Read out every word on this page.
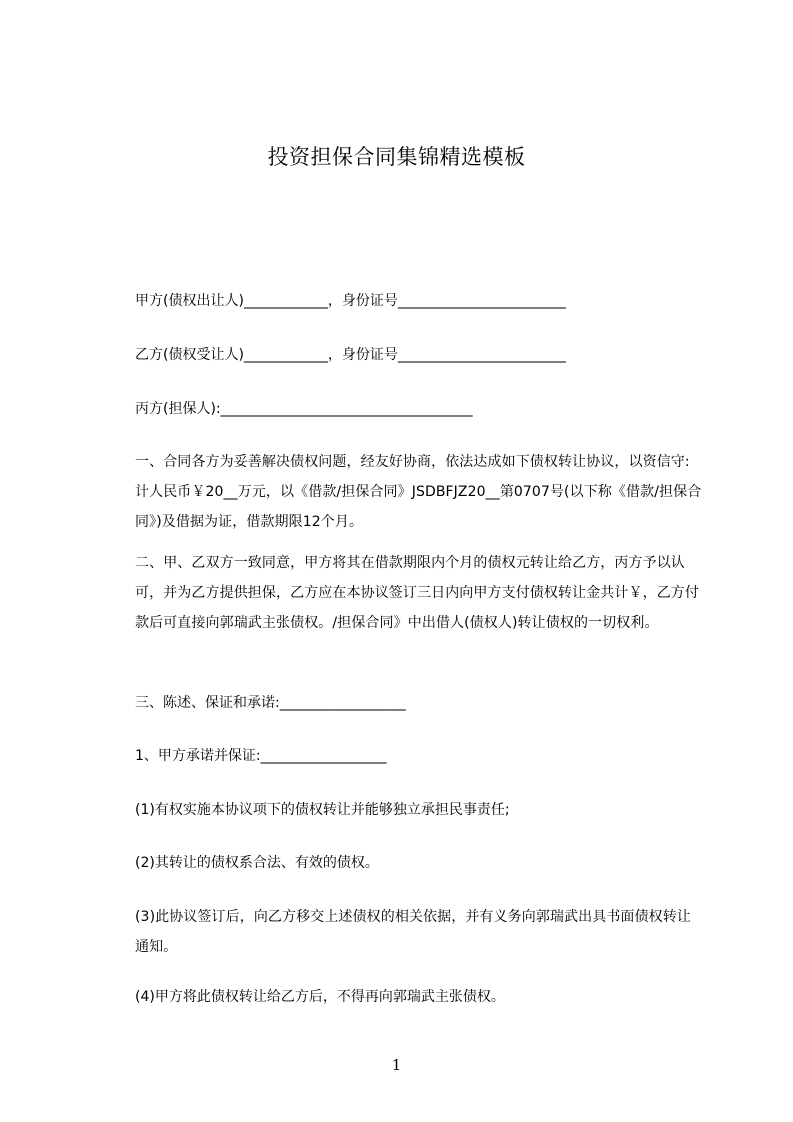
投资担保合同集锦精选模板
甲方(债权出让人)____________，身份证号________________________
乙方(债权受让人)____________，身份证号________________________
丙方(担保人):____________________________________

一、合同各方为妥善解决债权问题，经友好协商，依法达成如下债权转让协议，以资信守:计人民币￥20__万元，以《借款/担保合同》JSDBFJZ20__第0707号(以下称《借款/担保合同》)及借据为证，借款期限12个月。

二、甲、乙双方一致同意，甲方将其在借款期限内个月的债权元转让给乙方，丙方予以认可，并为乙方提供担保，乙方应在本协议签订三日内向甲方支付债权转让金共计￥，乙方付款后可直接向郭瑞武主张债权。/担保合同》中出借人(债权人)转让债权的一切权利。

三、陈述、保证和承诺:__________________
1、甲方承诺并保证:__________________
(1)有权实施本协议项下的债权转让并能够独立承担民事责任;
(2)其转让的债权系合法、有效的债权。

(3)此协议签订后，向乙方移交上述债权的相关依据，并有义务向郭瑞武出具书面债权转让通知。

(4)甲方将此债权转让给乙方后，不得再向郭瑞武主张债权。
1
